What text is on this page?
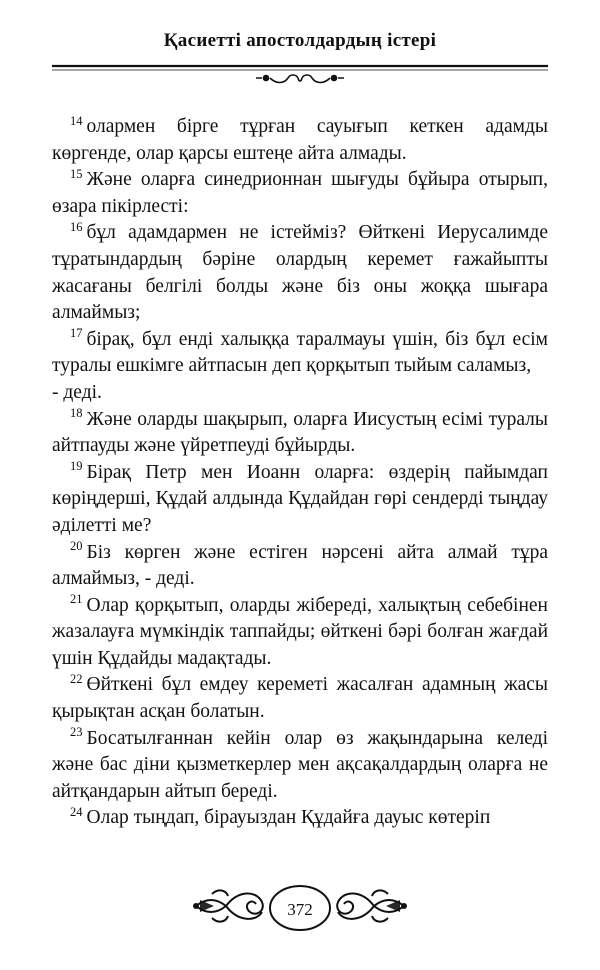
Қасиетті апостолдардың істері

$^{14}$ олармен бірге тұрған сауығып кеткен адамды көргенде, олар қарсы ештеңе айта алмады.

$^{15}$ Және оларға синедрионнан шығуды бұйыра отырып, өзара пікірлесті:

$^{16}$ бұл адамдармен не істейміз? Өйткені Иерусалимде тұратындардың бәріне олардың керемет ғажайыпты жасағаны белгілі болды және біз оны жоққа шығара алмаймыз;

$^{17}$ бірақ, бұл енді халыққа таралмауы үшін, біз бұл есім туралы ешкімге айтпасын деп қорқытып тыйым саламыз,

- деді.

$^{18}$ Және оларды шақырып, оларға Иисустың есімі туралы айтпауды және үйретпеуді бұйырды.

$^{19}$ Бірақ Петр мен Иоанн оларға: өздерің пайымдап көріңдерші, Құдай алдында Құдайдан гөрі сендерді тыңдау әділетті ме?

$^{20}$ Біз көрген және естіген нәрсені айта алмай тұра алмаймыз, - деді.

$^{21}$ Олар қорқытып, оларды жібереді, халықтың себебінен жазалауға мүмкіндік таппайды; өйткені бәрі болған жағдай үшін Құдайды мадақтады.

$^{22}$ Өйткені бұл емдеу кереметі жасалған адамның жасы қырықтан асқан болатын.

$^{23}$ Босатылғаннан кейін олар өз жақындарына келеді және бас діни қызметкерлер мен ақсақалдардың оларға не айтқандарын айтып береді.

$^{24}$ Олар тыңдап, бірауыздан Құдайға дауыс көтеріп

372
